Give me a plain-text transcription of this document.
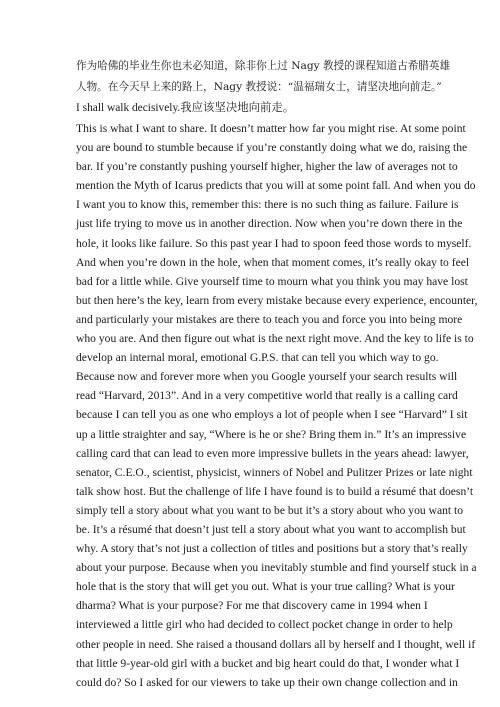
作为哈佛的毕业生你也未必知道，除非你上过 Nagy 教授的课程知道古希腊英雄
人物。在今天早上来的路上，Nagy 教授说：“温福瑞女士，请坚决地向前走。”
I shall walk decisively.我应该坚决地向前走。
This is what I want to share. It doesn’t matter how far you might rise. At some point
you are bound to stumble because if you’re constantly doing what we do, raising the
bar. If you’re constantly pushing yourself higher, higher the law of averages not to
mention the Myth of Icarus predicts that you will at some point fall. And when you do
I want you to know this, remember this: there is no such thing as failure. Failure is
just life trying to move us in another direction. Now when you’re down there in the
hole, it looks like failure. So this past year I had to spoon feed those words to myself.
And when you’re down in the hole, when that moment comes, it’s really okay to feel
bad for a little while. Give yourself time to mourn what you think you may have lost
but then here’s the key, learn from every mistake because every experience, encounter,
and particularly your mistakes are there to teach you and force you into being more
who you are. And then figure out what is the next right move. And the key to life is to
develop an internal moral, emotional G.P.S. that can tell you which way to go.
Because now and forever more when you Google yourself your search results will
read “Harvard, 2013”. And in a very competitive world that really is a calling card
because I can tell you as one who employs a lot of people when I see “Harvard” I sit
up a little straighter and say, “Where is he or she? Bring them in.” It’s an impressive
calling card that can lead to even more impressive bullets in the years ahead: lawyer,
senator, C.E.O., scientist, physicist, winners of Nobel and Pulitzer Prizes or late night
talk show host. But the challenge of life I have found is to build a résumé that doesn’t
simply tell a story about what you want to be but it’s a story about who you want to
be. It’s a résumé that doesn’t just tell a story about what you want to accomplish but
why. A story that’s not just a collection of titles and positions but a story that’s really
about your purpose. Because when you inevitably stumble and find yourself stuck in a
hole that is the story that will get you out. What is your true calling? What is your
dharma? What is your purpose? For me that discovery came in 1994 when I
interviewed a little girl who had decided to collect pocket change in order to help
other people in need. She raised a thousand dollars all by herself and I thought, well if
that little 9-year-old girl with a bucket and big heart could do that, I wonder what I
could do? So I asked for our viewers to take up their own change collection and in
